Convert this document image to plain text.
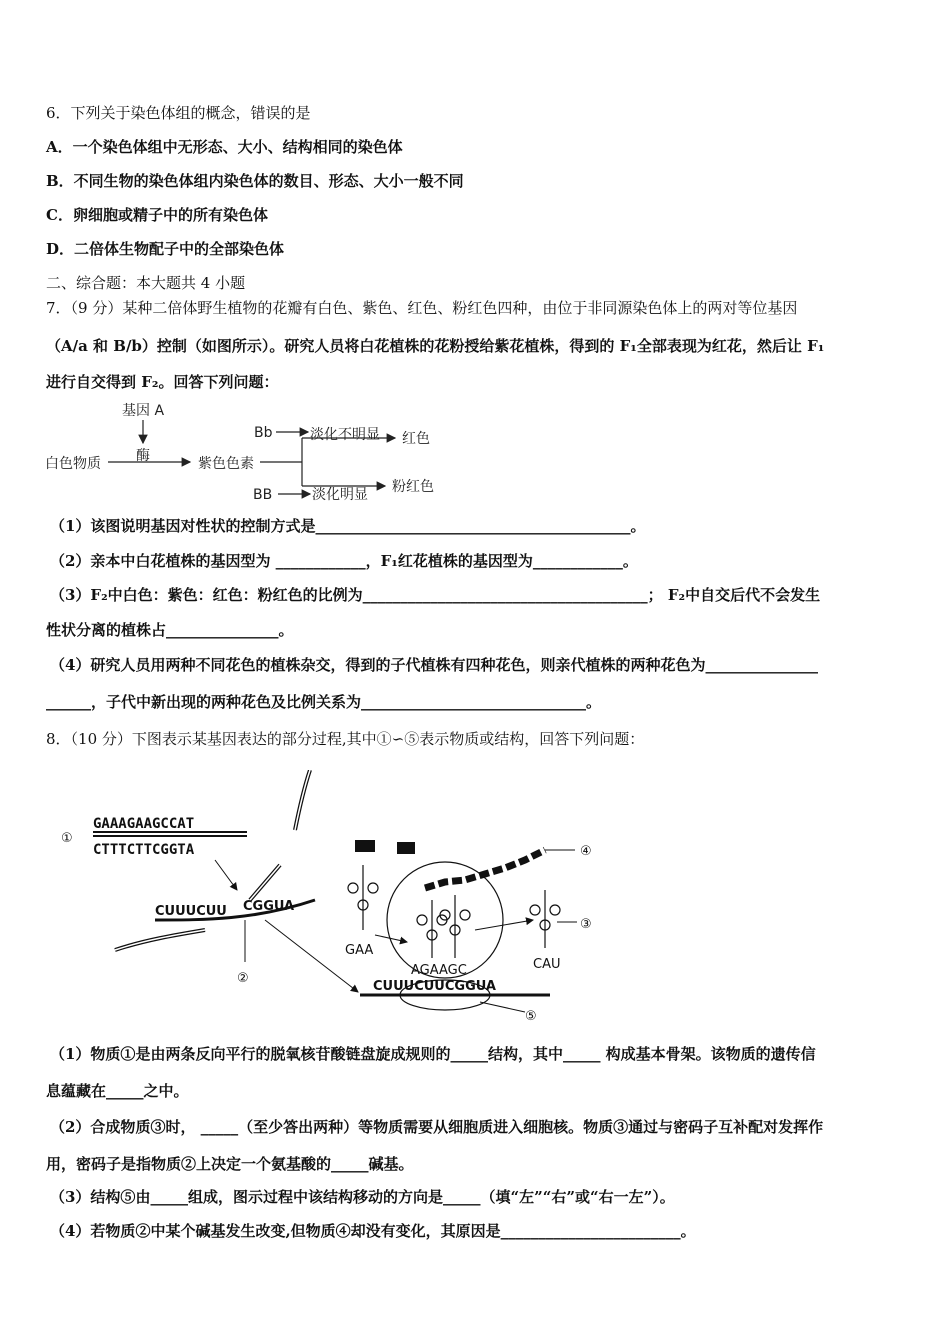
6．下列关于染色体组的概念，错误的是
A．一个染色体组中无形态、大小、结构相同的染色体
B．不同生物的染色体组内染色体的数目、形态、大小一般不同
C．卵细胞或精子中的所有染色体
D．二倍体生物配子中的全部染色体
二、综合题：本大题共 4 小题
7．（9 分）某种二倍体野生植物的花瓣有白色、紫色、红色、粉红色四种，由位于非同源染色体上的两对等位基因
（A/a 和 B/b）控制（如图所示）。研究人员将白花植株的花粉授给紫花植株，得到的 F₁全部表现为红花，然后让 F₁
进行自交得到 F₂。回答下列问题：
基因 A
酶
白色物质	紫色色素
Bb	淡化不明显 红色
BB	淡化明显 粉红色
（1）该图说明基因对性状的控制方式是__________________________________________。
（2）亲本中白花植株的基因型为 ____________，F₁红花植株的基因型为____________。
（3）F₂中白色：紫色：红色：粉红色的比例为______________________________________； F₂中自交后代不会发生
性状分离的植株占_______________。
（4）研究人员用两种不同花色的植株杂交，得到的子代植株有四种花色，则亲代植株的两种花色为_______________
______，子代中新出现的两种花色及比例关系为______________________________。
8．（10 分）下图表示某基因表达的部分过程,其中①∽⑤表示物质或结构，回答下列问题：
①
GAAAGAAGCCAT
CTTTCTTCGGTA
CUUUCUU CGGUA
②
④
GAA
AGAAGC	CAU
③
CUUUCUUCGGUA
⑤
（1）物质①是由两条反向平行的脱氧核苷酸链盘旋成规则的_____结构，其中_____ 构成基本骨架。该物质的遗传信
息蕴藏在_____之中。
（2）合成物质③时， _____（至少答出两种）等物质需要从细胞质进入细胞核。物质③通过与密码子互补配对发挥作
用，密码子是指物质②上决定一个氨基酸的_____碱基。
（3）结构⑤由_____组成，图示过程中该结构移动的方向是_____（填“左”“右”或“右一左”）。
（4）若物质②中某个碱基发生改变,但物质④却没有变化，其原因是________________________。
